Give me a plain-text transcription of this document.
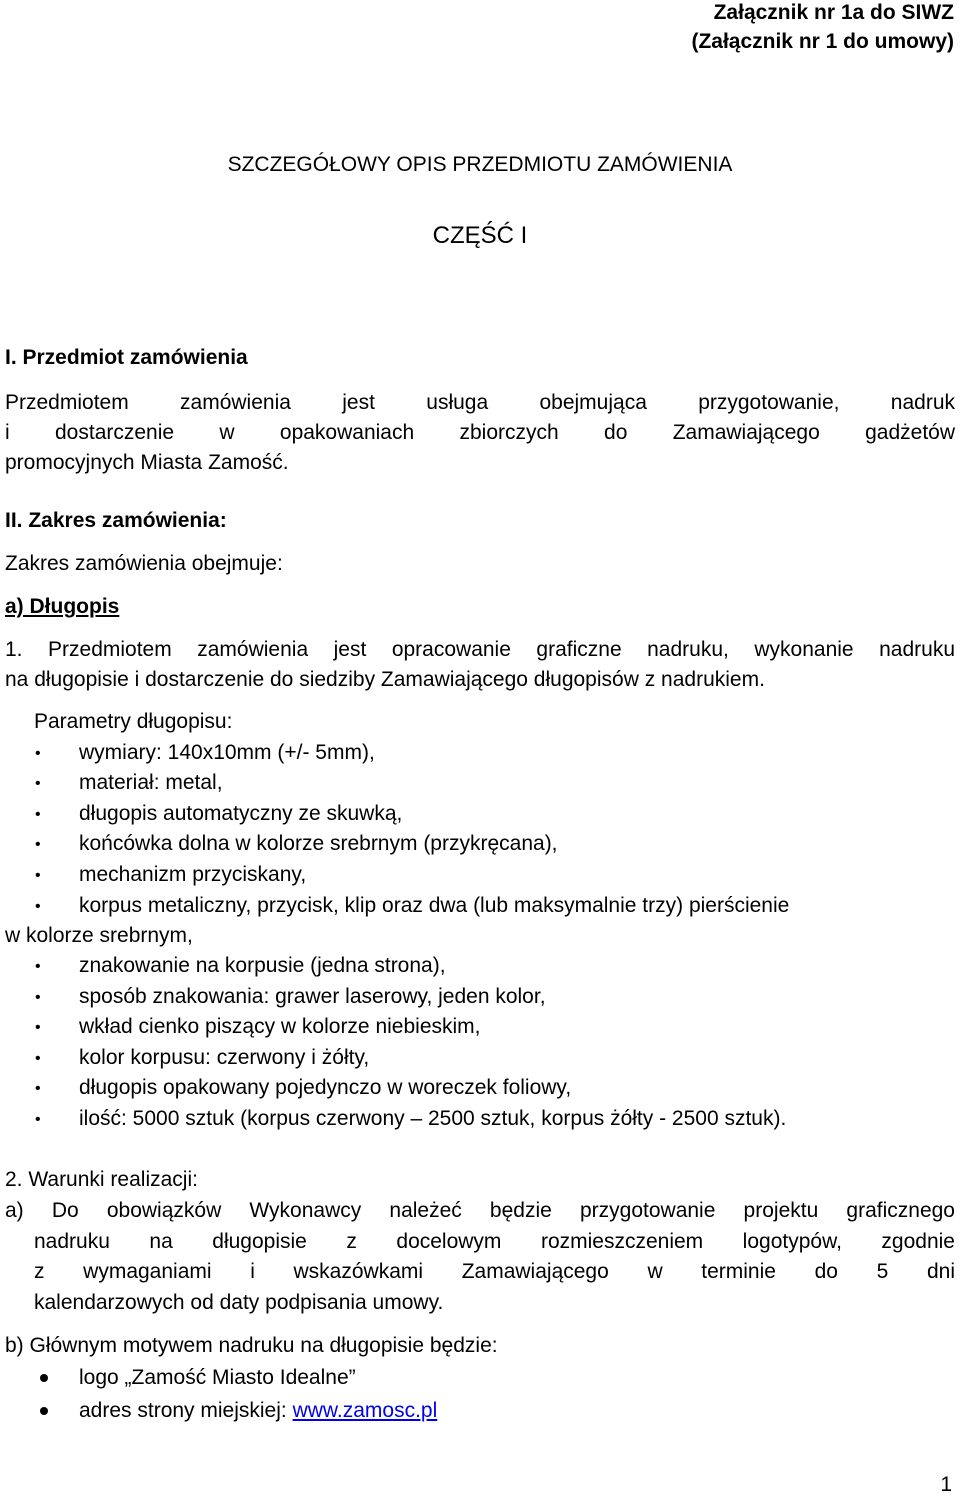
Załącznik nr 1a do SIWZ
(Załącznik nr 1 do umowy)
SZCZEGÓŁOWY OPIS PRZEDMIOTU ZAMÓWIENIA
CZĘŚĆ I
I. Przedmiot zamówienia
Przedmiotem zamówienia jest usługa obejmująca przygotowanie, nadruk
i dostarczenie w opakowaniach zbiorczych do Zamawiającego gadżetów
promocyjnych Miasta Zamość.
II. Zakres zamówienia:
Zakres zamówienia obejmuje:
a) Długopis
1. Przedmiotem zamówienia jest opracowanie graficzne nadruku, wykonanie nadruku
na długopisie i dostarczenie do siedziby Zamawiającego długopisów z nadrukiem.
Parametry długopisu:
• wymiary: 140x10mm (+/- 5mm),
• materiał: metal,
• długopis automatyczny ze skuwką,
• końcówka dolna w kolorze srebrnym (przykręcana),
• mechanizm przyciskany,
• korpus metaliczny, przycisk, klip oraz dwa (lub maksymalnie trzy) pierścienie
w kolorze srebrnym,
• znakowanie na korpusie (jedna strona),
• sposób znakowania: grawer laserowy, jeden kolor,
• wkład cienko piszący w kolorze niebieskim,
• kolor korpusu: czerwony i żółty,
• długopis opakowany pojedynczo w woreczek foliowy,
• ilość: 5000 sztuk (korpus czerwony – 2500 sztuk, korpus żółty - 2500 sztuk).
2. Warunki realizacji:
a) Do obowiązków Wykonawcy należeć będzie przygotowanie projektu graficznego
nadruku na długopisie z docelowym rozmieszczeniem logotypów, zgodnie
z wymaganiami i wskazówkami Zamawiającego w terminie do 5 dni
kalendarzowych od daty podpisania umowy.
b) Głównym motywem nadruku na długopisie będzie:
logo „Zamość Miasto Idealne”
adres strony miejskiej: www.zamosc.pl
1
